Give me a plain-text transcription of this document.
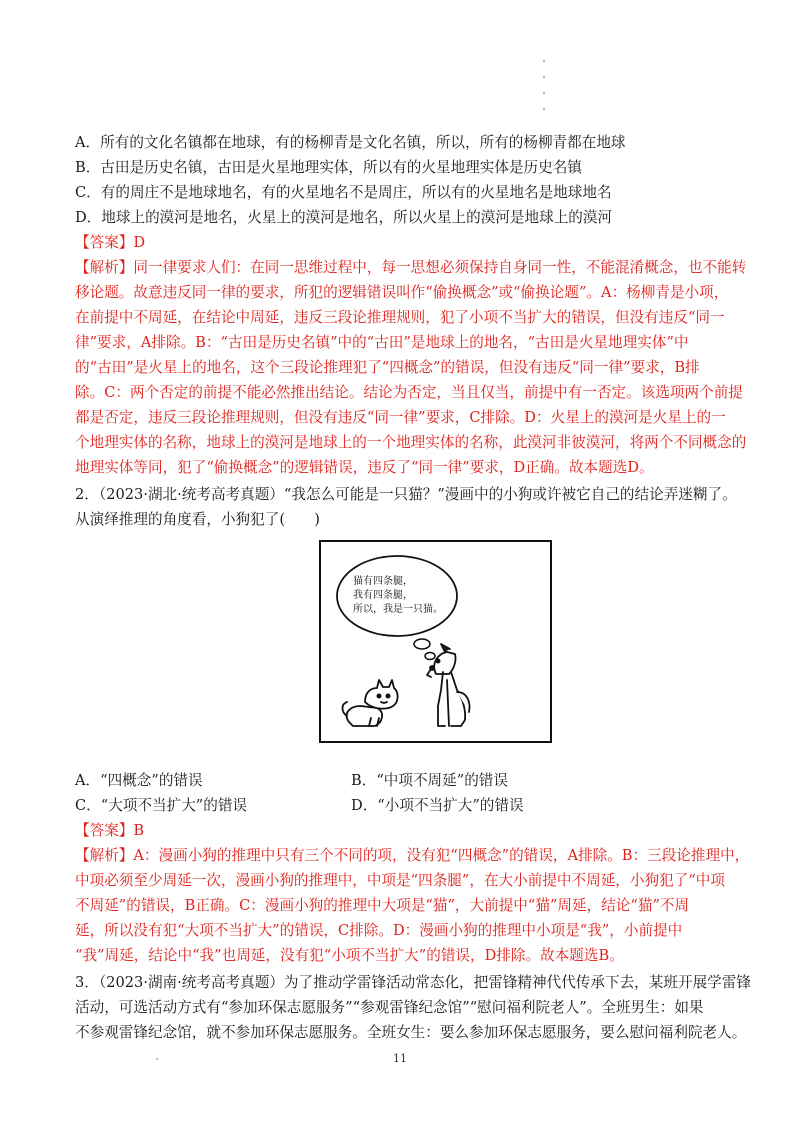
A．所有的文化名镇都在地球，有的杨柳青是文化名镇，所以，所有的杨柳青都在地球
B．古田是历史名镇，古田是火星地理实体，所以有的火星地理实体是历史名镇
C．有的周庄不是地球地名，有的火星地名不是周庄，所以有的火星地名是地球地名
D．地球上的漠河是地名，火星上的漠河是地名，所以火星上的漠河是地球上的漠河
【答案】D
【解析】同一律要求人们：在同一思维过程中，每一思想必须保持自身同一性，不能混淆概念，也不能转
移论题。故意违反同一律的要求，所犯的逻辑错误叫作“偷换概念”或“偷换论题”。A：杨柳青是小项，
在前提中不周延，在结论中周延，违反三段论推理规则，犯了小项不当扩大的错误，但没有违反“同一
律”要求，A排除。B：“古田是历史名镇”中的“古田”是地球上的地名，“古田是火星地理实体”中
的“古田”是火星上的地名，这个三段论推理犯了“四概念”的错误，但没有违反“同一律”要求，B排
除。C：两个否定的前提不能必然推出结论。结论为否定，当且仅当，前提中有一否定。该选项两个前提
都是否定，违反三段论推理规则，但没有违反“同一律”要求，C排除。D：火星上的漠河是火星上的一
个地理实体的名称，地球上的漠河是地球上的一个地理实体的名称，此漠河非彼漠河，将两个不同概念的
地理实体等同，犯了“偷换概念”的逻辑错误，违反了“同一律”要求，D正确。故本题选D。
2．（2023·湖北·统考高考真题）“我怎么可能是一只猫？”漫画中的小狗或许被它自己的结论弄迷糊了。
从演绎推理的角度看，小狗犯了(　　)
猫有四条腿，
我有四条腿，
所以，我是一只猫。
A．“四概念”的错误	B．“中项不周延”的错误
C．“大项不当扩大”的错误	D．“小项不当扩大”的错误
【答案】B
【解析】A：漫画小狗的推理中只有三个不同的项，没有犯“四概念”的错误，A排除。B：三段论推理中，
中项必须至少周延一次，漫画小狗的推理中，中项是“四条腿”，在大小前提中不周延，小狗犯了“中项
不周延”的错误，B正确。C：漫画小狗的推理中大项是“猫”，大前提中“猫”周延，结论“猫”不周
延，所以没有犯“大项不当扩大”的错误，C排除。D：漫画小狗的推理中小项是“我”，小前提中
“我”周延，结论中“我”也周延，没有犯“小项不当扩大”的错误，D排除。故本题选B。
3．（2023·湖南·统考高考真题）为了推动学雷锋活动常态化，把雷锋精神代代传承下去，某班开展学雷锋
活动，可选活动方式有“参加环保志愿服务”“参观雷锋纪念馆”“慰问福利院老人”。全班男生：如果
不参观雷锋纪念馆，就不参加环保志愿服务。全班女生：要么参加环保志愿服务，要么慰问福利院老人。
11
